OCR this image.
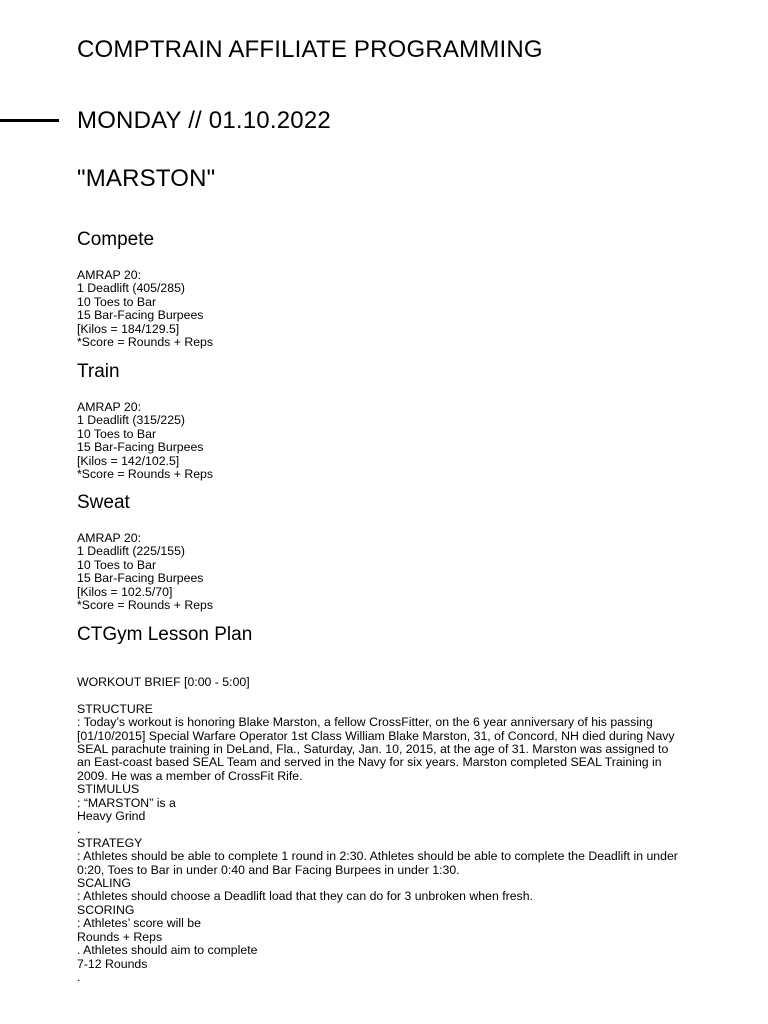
COMPTRAIN AFFILIATE PROGRAMMING
MONDAY // 01.10.2022
"MARSTON"
Compete
AMRAP 20:
1 Deadlift (405/285)
10 Toes to Bar
15 Bar-Facing Burpees
[Kilos = 184/129.5]
*Score = Rounds + Reps
Train
AMRAP 20:
1 Deadlift (315/225)
10 Toes to Bar
15 Bar-Facing Burpees
[Kilos = 142/102.5]
*Score = Rounds + Reps
Sweat
AMRAP 20:
1 Deadlift (225/155)
10 Toes to Bar
15 Bar-Facing Burpees
[Kilos = 102.5/70]
*Score = Rounds + Reps
CTGym Lesson Plan
WORKOUT BRIEF [0:00 - 5:00]
STRUCTURE
: Today’s workout is honoring Blake Marston, a fellow CrossFitter, on the 6 year anniversary of his passing
[01/10/2015] Special Warfare Operator 1st Class William Blake Marston, 31, of Concord, NH died during Navy
SEAL parachute training in DeLand, Fla., Saturday, Jan. 10, 2015, at the age of 31. Marston was assigned to
an East-coast based SEAL Team and served in the Navy for six years. Marston completed SEAL Training in
2009. He was a member of CrossFit Rife.
STIMULUS
: “MARSTON” is a
Heavy Grind
.
STRATEGY
: Athletes should be able to complete 1 round in 2:30. Athletes should be able to complete the Deadlift in under
0:20, Toes to Bar in under 0:40 and Bar Facing Burpees in under 1:30.
SCALING
: Athletes should choose a Deadlift load that they can do for 3 unbroken when fresh.
SCORING
: Athletes’ score will be
Rounds + Reps
. Athletes should aim to complete
7-12 Rounds
.
